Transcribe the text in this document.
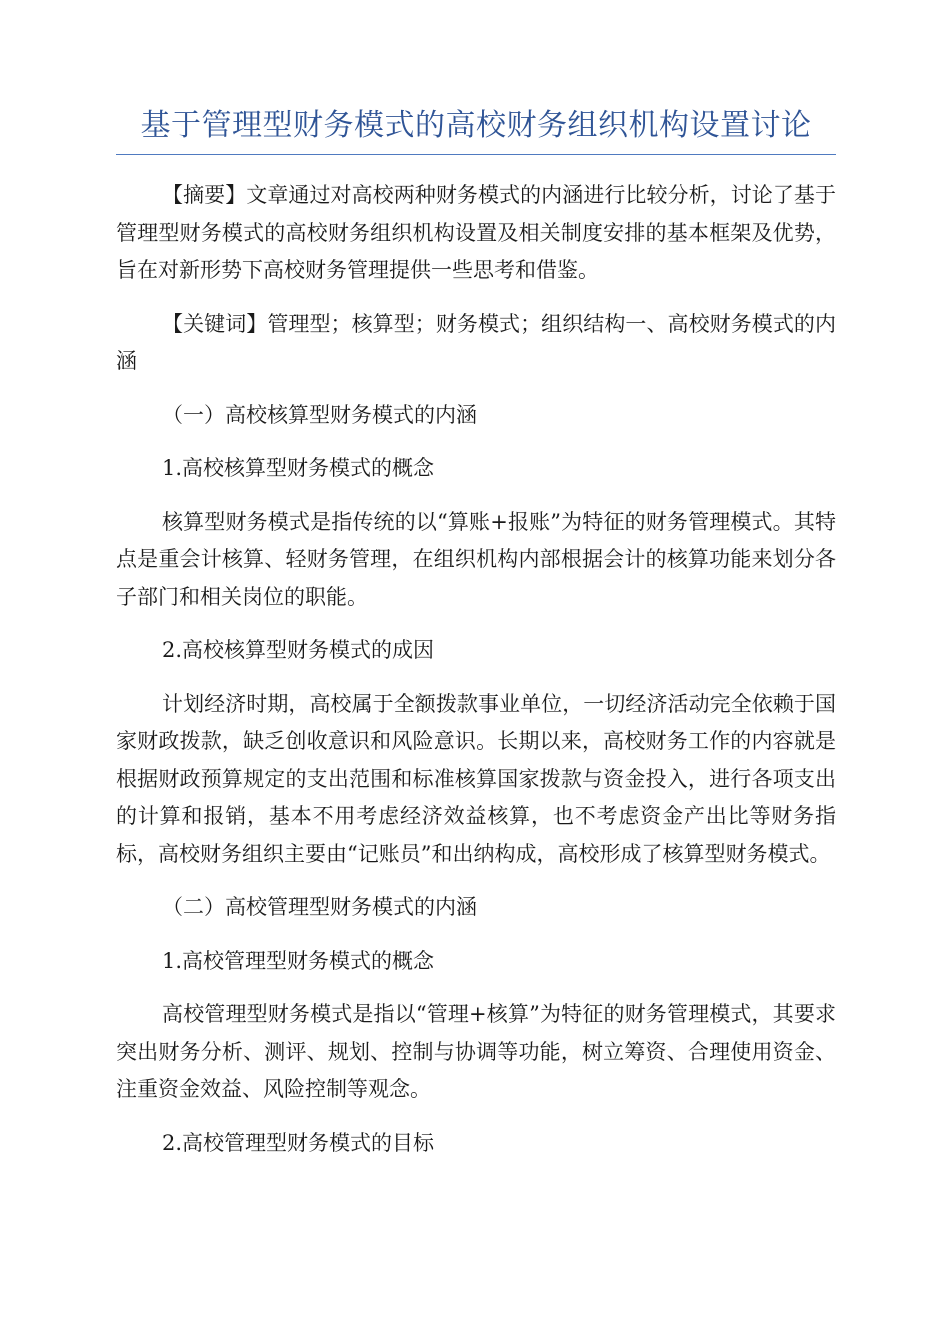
基于管理型财务模式的高校财务组织机构设置讨论

【摘要】文章通过对高校两种财务模式的内涵进行比较分析，讨论了基于管理型财务模式的高校财务组织机构设置及相关制度安排的基本框架及优势，旨在对新形势下高校财务管理提供一些思考和借鉴。

【关键词】管理型；核算型；财务模式；组织结构一、高校财务模式的内涵

（一）高校核算型财务模式的内涵

1.高校核算型财务模式的概念

核算型财务模式是指传统的以“算账+报账”为特征的财务管理模式。其特点是重会计核算、轻财务管理，在组织机构内部根据会计的核算功能来划分各子部门和相关岗位的职能。

2.高校核算型财务模式的成因

计划经济时期，高校属于全额拨款事业单位，一切经济活动完全依赖于国家财政拨款，缺乏创收意识和风险意识。长期以来，高校财务工作的内容就是根据财政预算规定的支出范围和标准核算国家拨款与资金投入，进行各项支出的计算和报销，基本不用考虑经济效益核算，也不考虑资金产出比等财务指标，高校财务组织主要由“记账员”和出纳构成，高校形成了核算型财务模式。

（二）高校管理型财务模式的内涵

1.高校管理型财务模式的概念

高校管理型财务模式是指以“管理+核算”为特征的财务管理模式，其要求突出财务分析、测评、规划、控制与协调等功能，树立筹资、合理使用资金、注重资金效益、风险控制等观念。

2.高校管理型财务模式的目标
